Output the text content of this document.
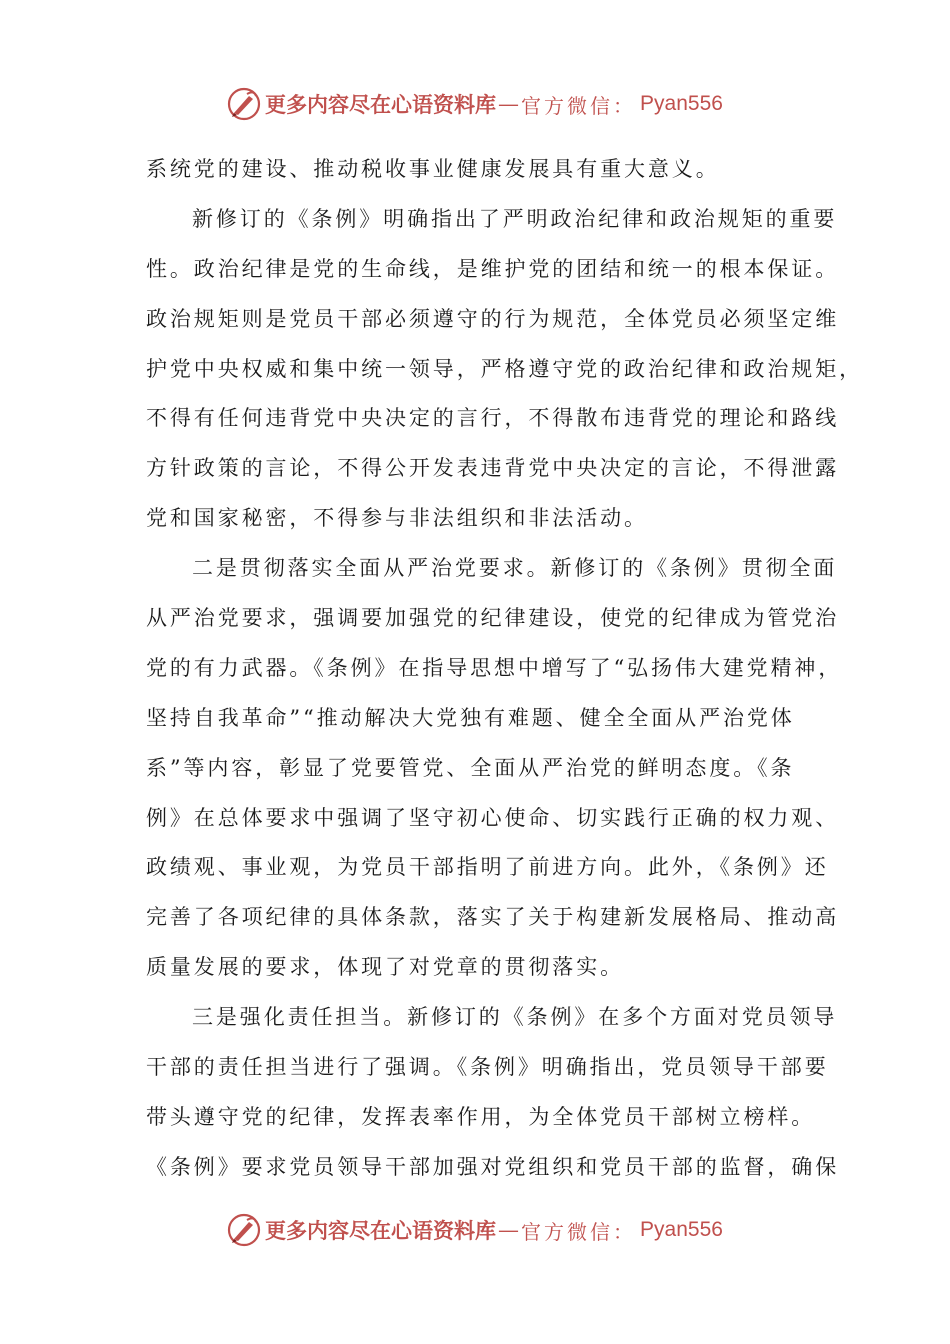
更多内容尽在心语资料库 — 官方微信： Pyan556
系统党的建设、推动税收事业健康发展具有重大意义。
新修订的《条例》明确指出了严明政治纪律和政治规矩的重要
性。政治纪律是党的生命线，是维护党的团结和统一的根本保证。
政治规矩则是党员干部必须遵守的行为规范，全体党员必须坚定维
护党中央权威和集中统一领导，严格遵守党的政治纪律和政治规矩，
不得有任何违背党中央决定的言行，不得散布违背党的理论和路线
方针政策的言论，不得公开发表违背党中央决定的言论，不得泄露
党和国家秘密，不得参与非法组织和非法活动。
二是贯彻落实全面从严治党要求。新修订的《条例》贯彻全面
从严治党要求，强调要加强党的纪律建设，使党的纪律成为管党治
党的有力武器。《条例》在指导思想中增写了“弘扬伟大建党精神，
坚持自我革命”“推动解决大党独有难题、健全全面从严治党体
系”等内容，彰显了党要管党、全面从严治党的鲜明态度。《条
例》在总体要求中强调了坚守初心使命、切实践行正确的权力观、
政绩观、事业观，为党员干部指明了前进方向。此外，《条例》还
完善了各项纪律的具体条款，落实了关于构建新发展格局、推动高
质量发展的要求，体现了对党章的贯彻落实。
三是强化责任担当。新修订的《条例》在多个方面对党员领导
干部的责任担当进行了强调。《条例》明确指出，党员领导干部要
带头遵守党的纪律，发挥表率作用，为全体党员干部树立榜样。
《条例》要求党员领导干部加强对党组织和党员干部的监督，确保
更多内容尽在心语资料库 — 官方微信： Pyan556
